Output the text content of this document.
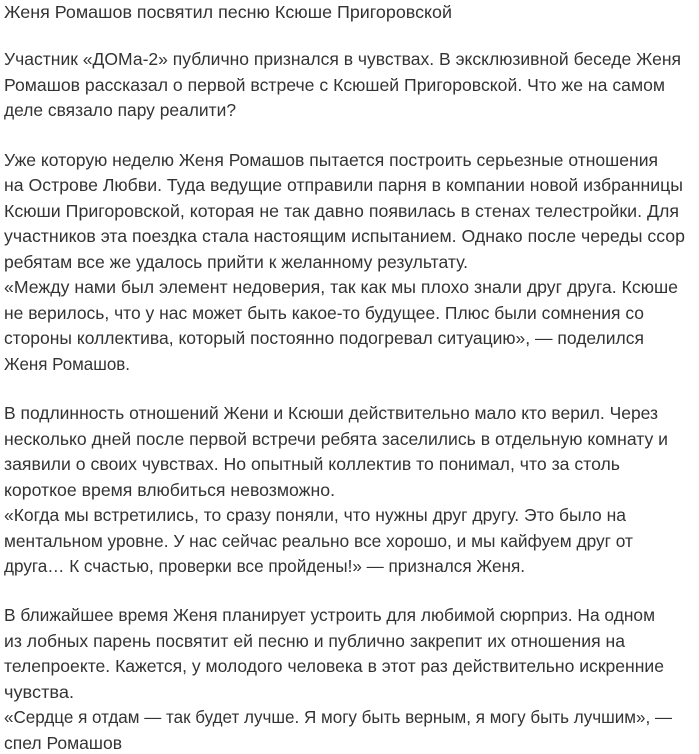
Женя Ромашов посвятил песню Ксюше Пригоровской
Участник «ДОМа-2» публично признался в чувствах. В эксклюзивной беседе Женя
Ромашов рассказал о первой встрече с Ксюшей Пригоровской. Что же на самом
деле связало пару реалити?
Уже которую неделю Женя Ромашов пытается построить серьезные отношения
на Острове Любви. Туда ведущие отправили парня в компании новой избранницы
Ксюши Пригоровской, которая не так давно появилась в стенах телестройки. Для
участников эта поездка стала настоящим испытанием. Однако после череды ссор
ребятам все же удалось прийти к желанному результату.
«Между нами был элемент недоверия, так как мы плохо знали друг друга. Ксюше
не верилось, что у нас может быть какое-то будущее. Плюс были сомнения со
стороны коллектива, который постоянно подогревал ситуацию», — поделился
Женя Ромашов.
В подлинность отношений Жени и Ксюши действительно мало кто верил. Через
несколько дней после первой встречи ребята заселились в отдельную комнату и
заявили о своих чувствах. Но опытный коллектив то понимал, что за столь
короткое время влюбиться невозможно.
«Когда мы встретились, то сразу поняли, что нужны друг другу. Это было на
ментальном уровне. У нас сейчас реально все хорошо, и мы кайфуем друг от
друга… К счастью, проверки все пройдены!» — признался Женя.
В ближайшее время Женя планирует устроить для любимой сюрприз. На одном
из лобных парень посвятит ей песню и публично закрепит их отношения на
телепроекте. Кажется, у молодого человека в этот раз действительно искренние
чувства.
«Сердце я отдам — так будет лучше. Я могу быть верным, я могу быть лучшим», —
спел Ромашов
